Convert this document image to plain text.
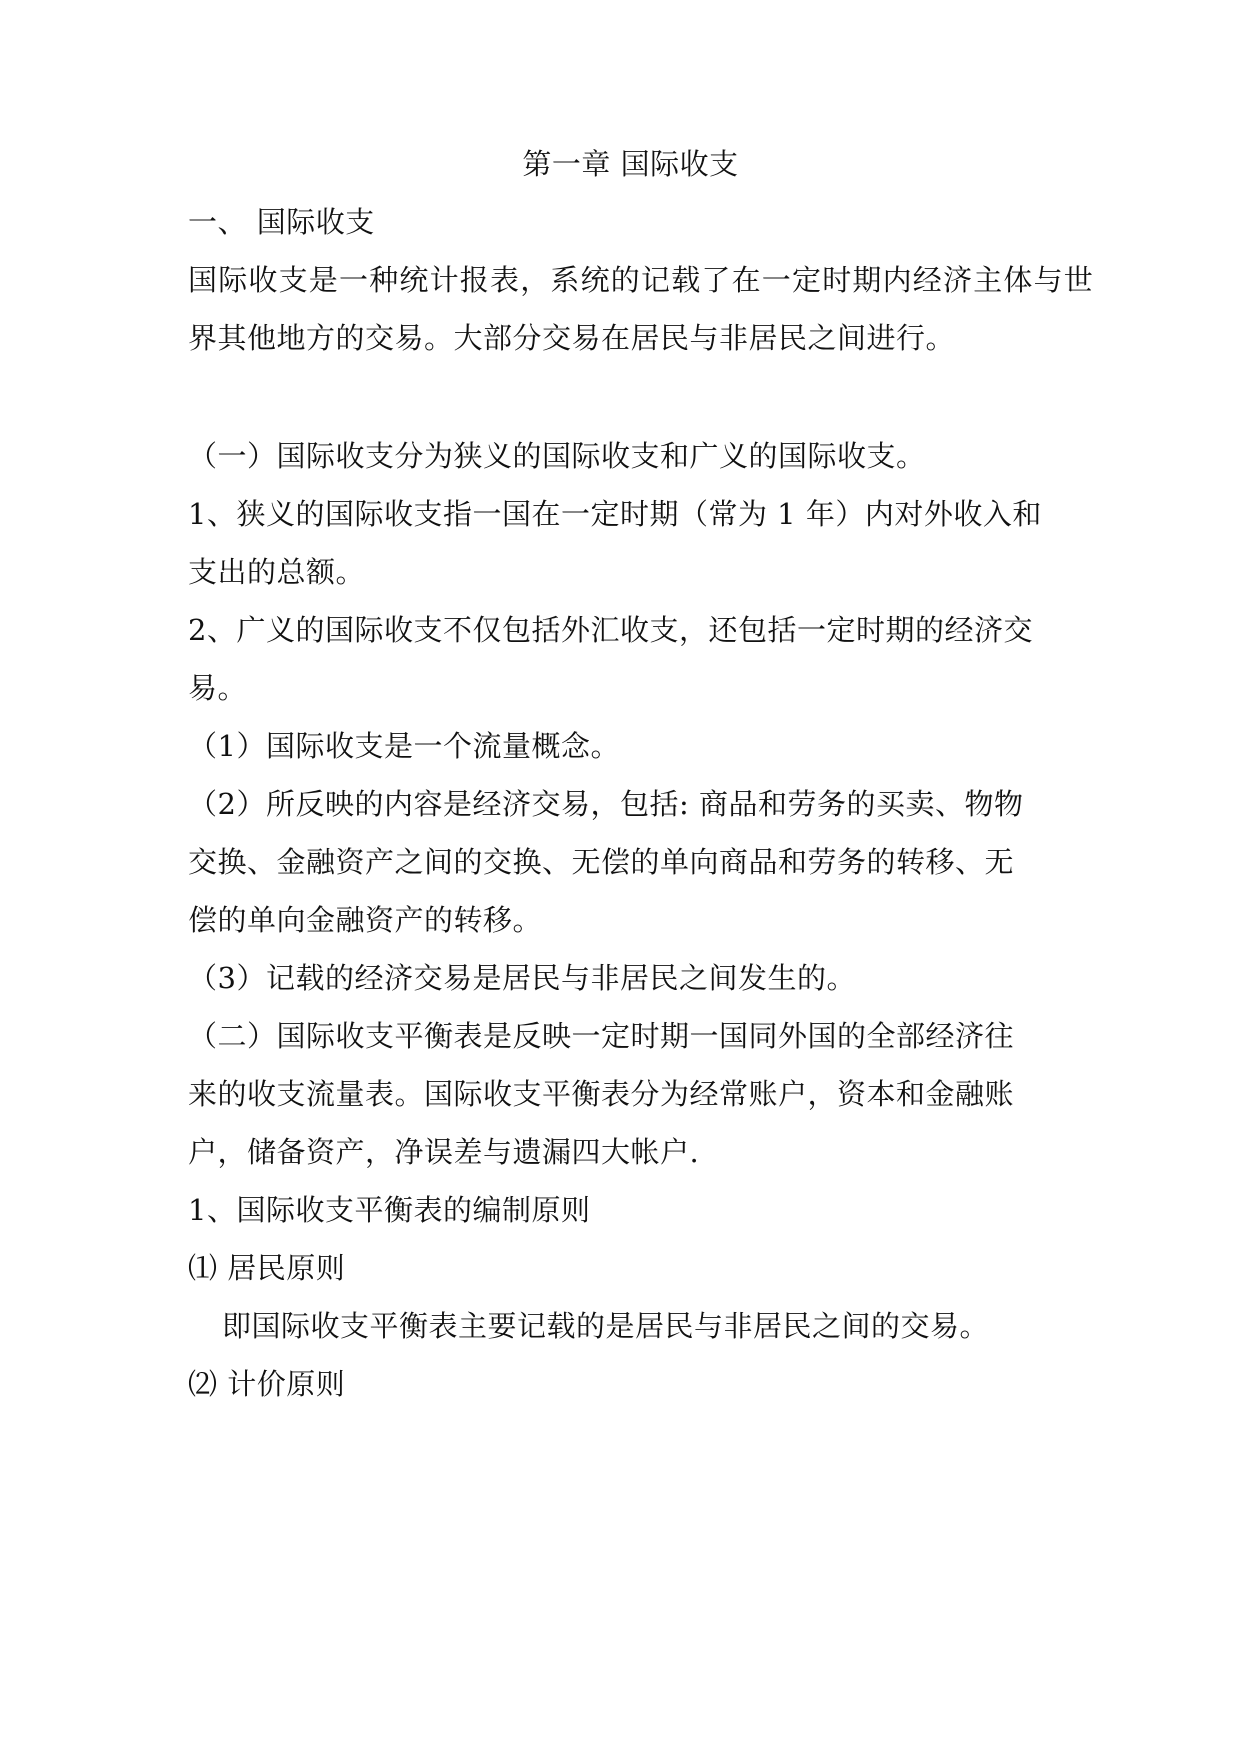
第一章 国际收支
一、 国际收支
国际收支是一种统计报表，系统的记载了在一定时期内经济主体与世
界其他地方的交易。大部分交易在居民与非居民之间进行。
（一）国际收支分为狭义的国际收支和广义的国际收支。
1、狭义的国际收支指一国在一定时期（常为 1 年）内对外收入和
支出的总额。
2、广义的国际收支不仅包括外汇收支，还包括一定时期的经济交
易。
（1）国际收支是一个流量概念。
（2）所反映的内容是经济交易，包括: 商品和劳务的买卖、物物
交换、金融资产之间的交换、无偿的单向商品和劳务的转移、无
偿的单向金融资产的转移。
（3）记载的经济交易是居民与非居民之间发生的。
（二）国际收支平衡表是反映一定时期一国同外国的全部经济往
来的收支流量表。国际收支平衡表分为经常账户，资本和金融账
户，储备资产，净误差与遗漏四大帐户.
1、国际收支平衡表的编制原则
⑴ 居民原则
即国际收支平衡表主要记载的是居民与非居民之间的交易。
⑵ 计价原则
